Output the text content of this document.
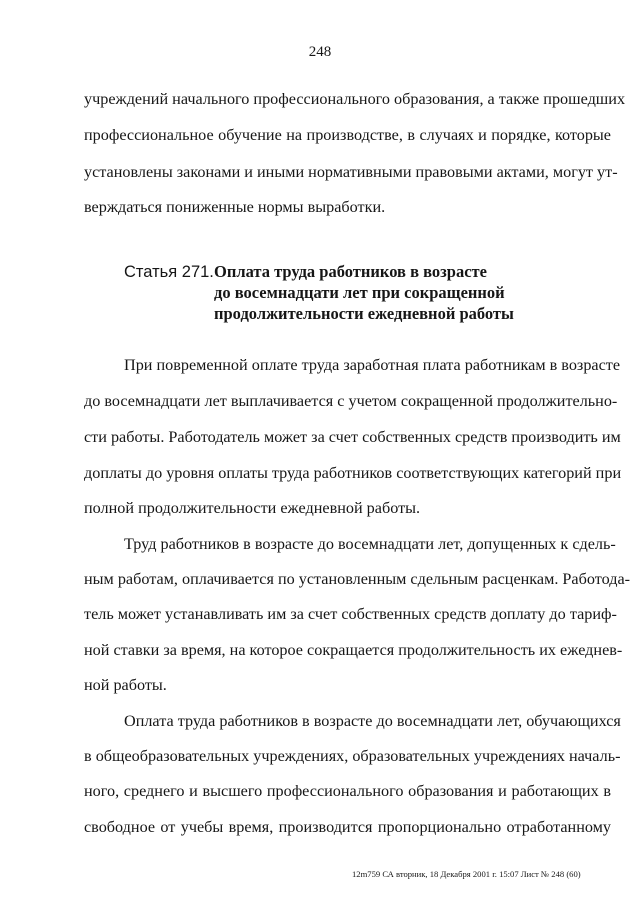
248
учреждений начального профессионального образования, а также прошедших
профессиональное обучение на производстве, в случаях и порядке, которые
установлены законами и иными нормативными правовыми актами, могут ут-
верждаться пониженные нормы выработки.
Статья 271. Оплата труда работников в возрасте
до восемнадцати лет при сокращенной
продолжительности ежедневной работы
При повременной оплате труда заработная плата работникам в возрасте
до восемнадцати лет выплачивается с учетом сокращенной продолжительно-
сти работы. Работодатель может за счет собственных средств производить им
доплаты до уровня оплаты труда работников соответствующих категорий при
полной продолжительности ежедневной работы.
Труд работников в возрасте до восемнадцати лет, допущенных к сдель-
ным работам, оплачивается по установленным сдельным расценкам. Работода-
тель может устанавливать им за счет собственных средств доплату до тариф-
ной ставки за время, на которое сокращается продолжительность их ежеднев-
ной работы.
Оплата труда работников в возрасте до восемнадцати лет, обучающихся
в общеобразовательных учреждениях, образовательных учреждениях началь-
ного, среднего и высшего профессионального образования и работающих в
свободное от учебы время, производится пропорционально отработанному
12m759 СА вторник, 18 Декабря 2001 г. 15:07 Лист № 248 (60)
